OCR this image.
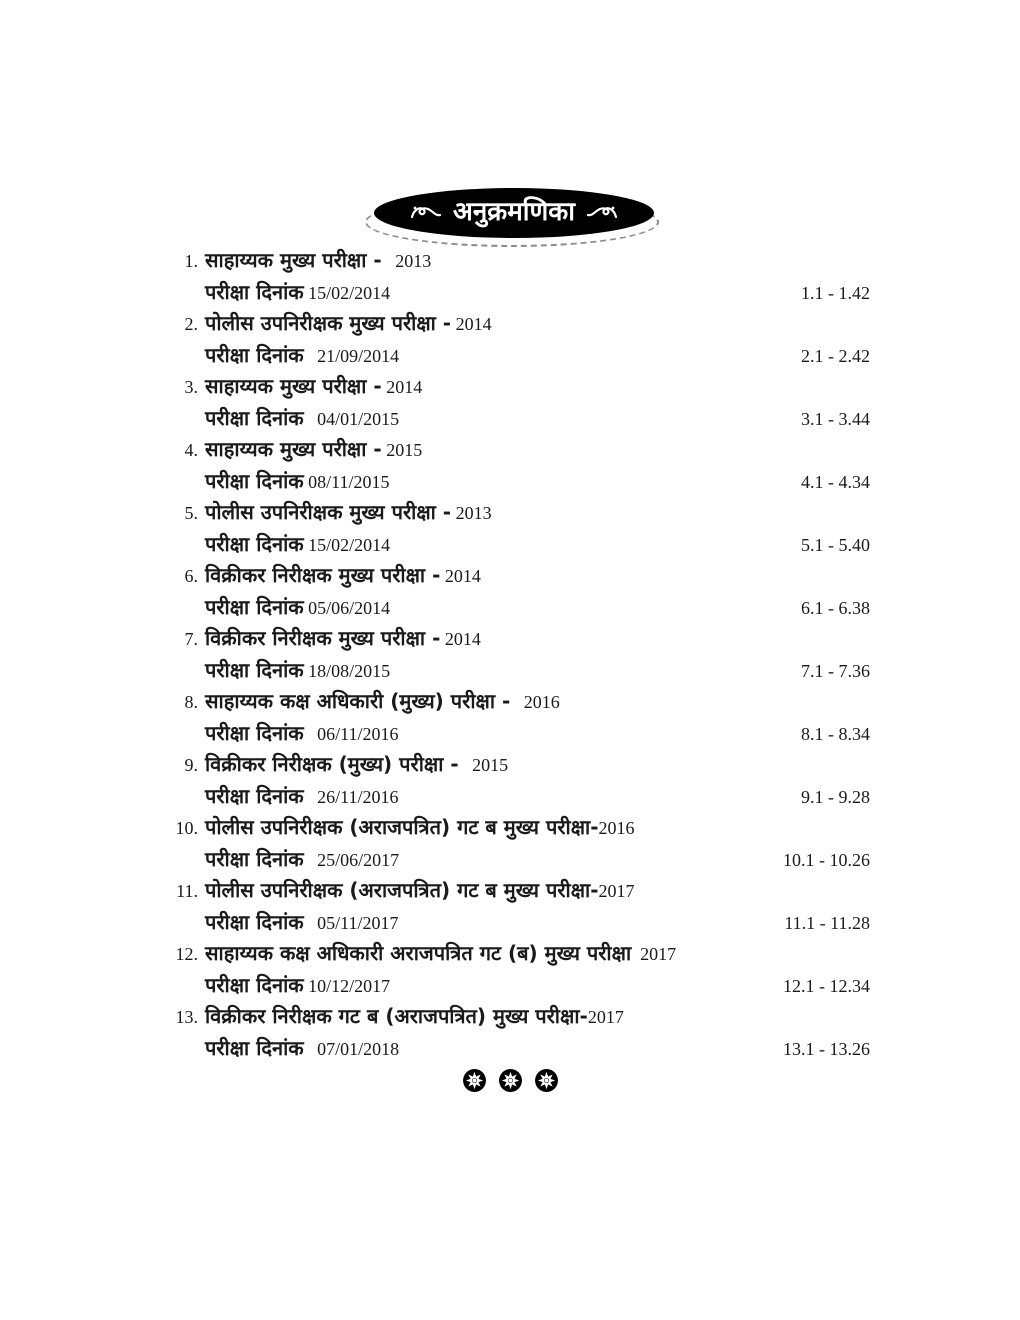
अनुक्रमणिका
1. साहाय्यक मुख्य परीक्षा - 2013
परीक्षा दिनांक 15/02/2014	1.1 - 1.42
2. पोलीस उपनिरीक्षक मुख्य परीक्षा - 2014
परीक्षा दिनांक 21/09/2014	2.1 - 2.42
3. साहाय्यक मुख्य परीक्षा - 2014
परीक्षा दिनांक 04/01/2015	3.1 - 3.44
4. साहाय्यक मुख्य परीक्षा - 2015
परीक्षा दिनांक 08/11/2015	4.1 - 4.34
5. पोलीस उपनिरीक्षक मुख्य परीक्षा - 2013
परीक्षा दिनांक 15/02/2014	5.1 - 5.40
6. विक्रीकर निरीक्षक मुख्य परीक्षा - 2014
परीक्षा दिनांक 05/06/2014	6.1 - 6.38
7. विक्रीकर निरीक्षक मुख्य परीक्षा - 2014
परीक्षा दिनांक 18/08/2015	7.1 - 7.36
8. साहाय्यक कक्ष अधिकारी (मुख्य) परीक्षा - 2016
परीक्षा दिनांक 06/11/2016	8.1 - 8.34
9. विक्रीकर निरीक्षक (मुख्य) परीक्षा - 2015
परीक्षा दिनांक 26/11/2016	9.1 - 9.28
10. पोलीस उपनिरीक्षक (अराजपत्रित) गट ब मुख्य परीक्षा- 2016
परीक्षा दिनांक 25/06/2017	10.1 - 10.26
11. पोलीस उपनिरीक्षक (अराजपत्रित) गट ब मुख्य परीक्षा- 2017
परीक्षा दिनांक 05/11/2017	11.1 - 11.28
12. साहाय्यक कक्ष अधिकारी अराजपत्रित गट (ब) मुख्य परीक्षा 2017
परीक्षा दिनांक 10/12/2017	12.1 - 12.34
13. विक्रीकर निरीक्षक गट ब (अराजपत्रित) मुख्य परीक्षा- 2017
परीक्षा दिनांक 07/01/2018	13.1 - 13.26
